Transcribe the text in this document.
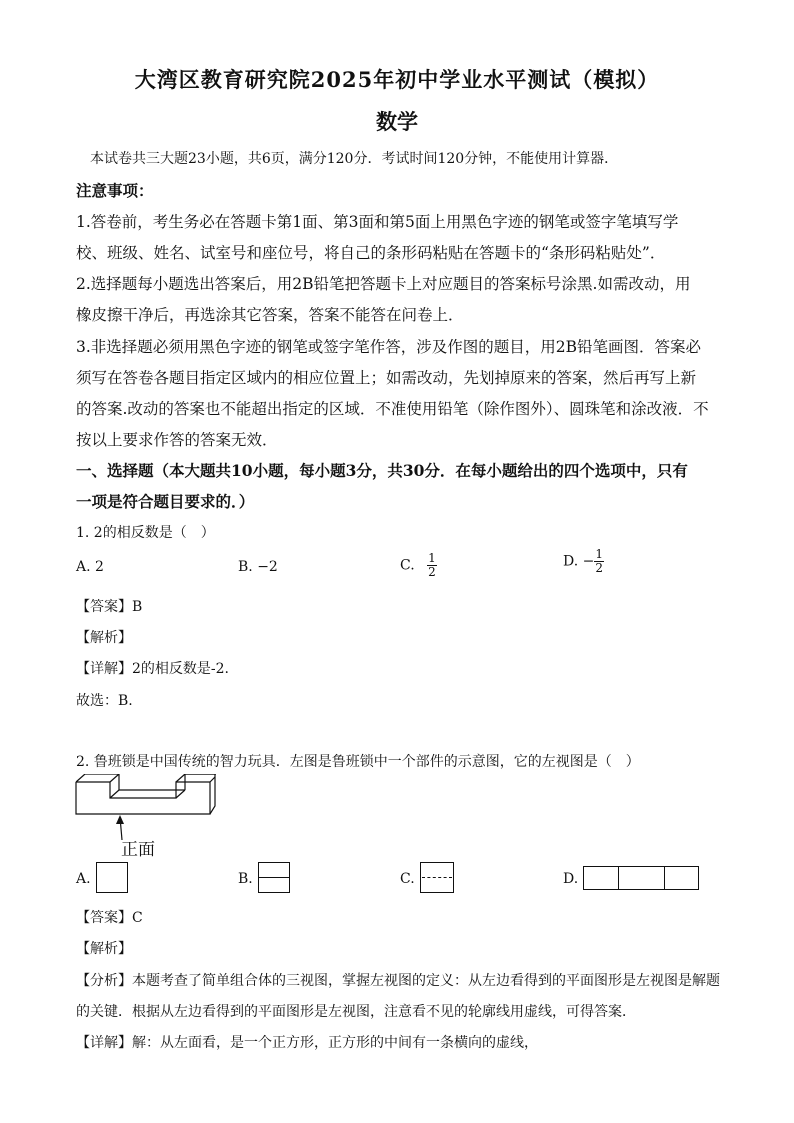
大湾区教育研究院2025年初中学业水平测试（模拟）
数学
本试卷共三大题23小题，共6页，满分120分．考试时间120分钟，不能使用计算器．
注意事项：
1.答卷前，考生务必在答题卡第1面、第3面和第5面上用黑色字迹的钢笔或签字笔填写学
校、班级、姓名、试室号和座位号，将自己的条形码粘贴在答题卡的“条形码粘贴处”．
2.选择题每小题选出答案后，用2B铅笔把答题卡上对应题目的答案标号涂黑.如需改动，用
橡皮擦干净后，再选涂其它答案，答案不能答在问卷上．
3.非选择题必须用黑色字迹的钢笔或签字笔作答，涉及作图的题目，用2B铅笔画图．答案必
须写在答卷各题目指定区域内的相应位置上；如需改动，先划掉原来的答案，然后再写上新
的答案.改动的答案也不能超出指定的区域．不准使用铅笔（除作图外）、圆珠笔和涂改液．不
按以上要求作答的答案无效．
一、选择题（本大题共10小题，每小题3分，共30分．在每小题给出的四个选项中，只有
一项是符合题目要求的．）
1. 2的相反数是（　）
A. 2	B. −2	C. $\frac{1}{2}$	D. − $\frac{1}{2}$
【答案】B
【解析】
【详解】2的相反数是-2.
故选：B.
2. 鲁班锁是中国传统的智力玩具．左图是鲁班锁中一个部件的示意图，它的左视图是（　）
正面
A.	B.	C.	D.
【答案】C
【解析】
【分析】本题考查了简单组合体的三视图，掌握左视图的定义：从左边看得到的平面图形是左视图是解题
的关键．根据从左边看得到的平面图形是左视图，注意看不见的轮廓线用虚线，可得答案．
【详解】解：从左面看，是一个正方形，正方形的中间有一条横向的虚线，
